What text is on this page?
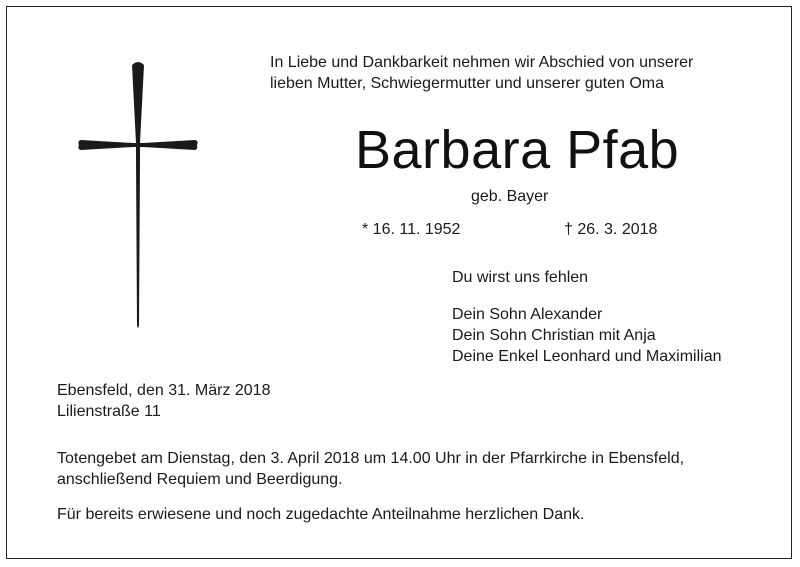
In Liebe und Dankbarkeit nehmen wir Abschied von unserer
lieben Mutter, Schwiegermutter und unserer guten Oma
Barbara Pfab
geb. Bayer
* 16. 11. 1952	† 26. 3. 2018
Du wirst uns fehlen
Dein Sohn Alexander
Dein Sohn Christian mit Anja
Deine Enkel Leonhard und Maximilian
Ebensfeld, den 31. März 2018
Lilienstraße 11
Totengebet am Dienstag, den 3. April 2018 um 14.00 Uhr in der Pfarrkirche in Ebensfeld,
anschließend Requiem und Beerdigung.
Für bereits erwiesene und noch zugedachte Anteilnahme herzlichen Dank.
